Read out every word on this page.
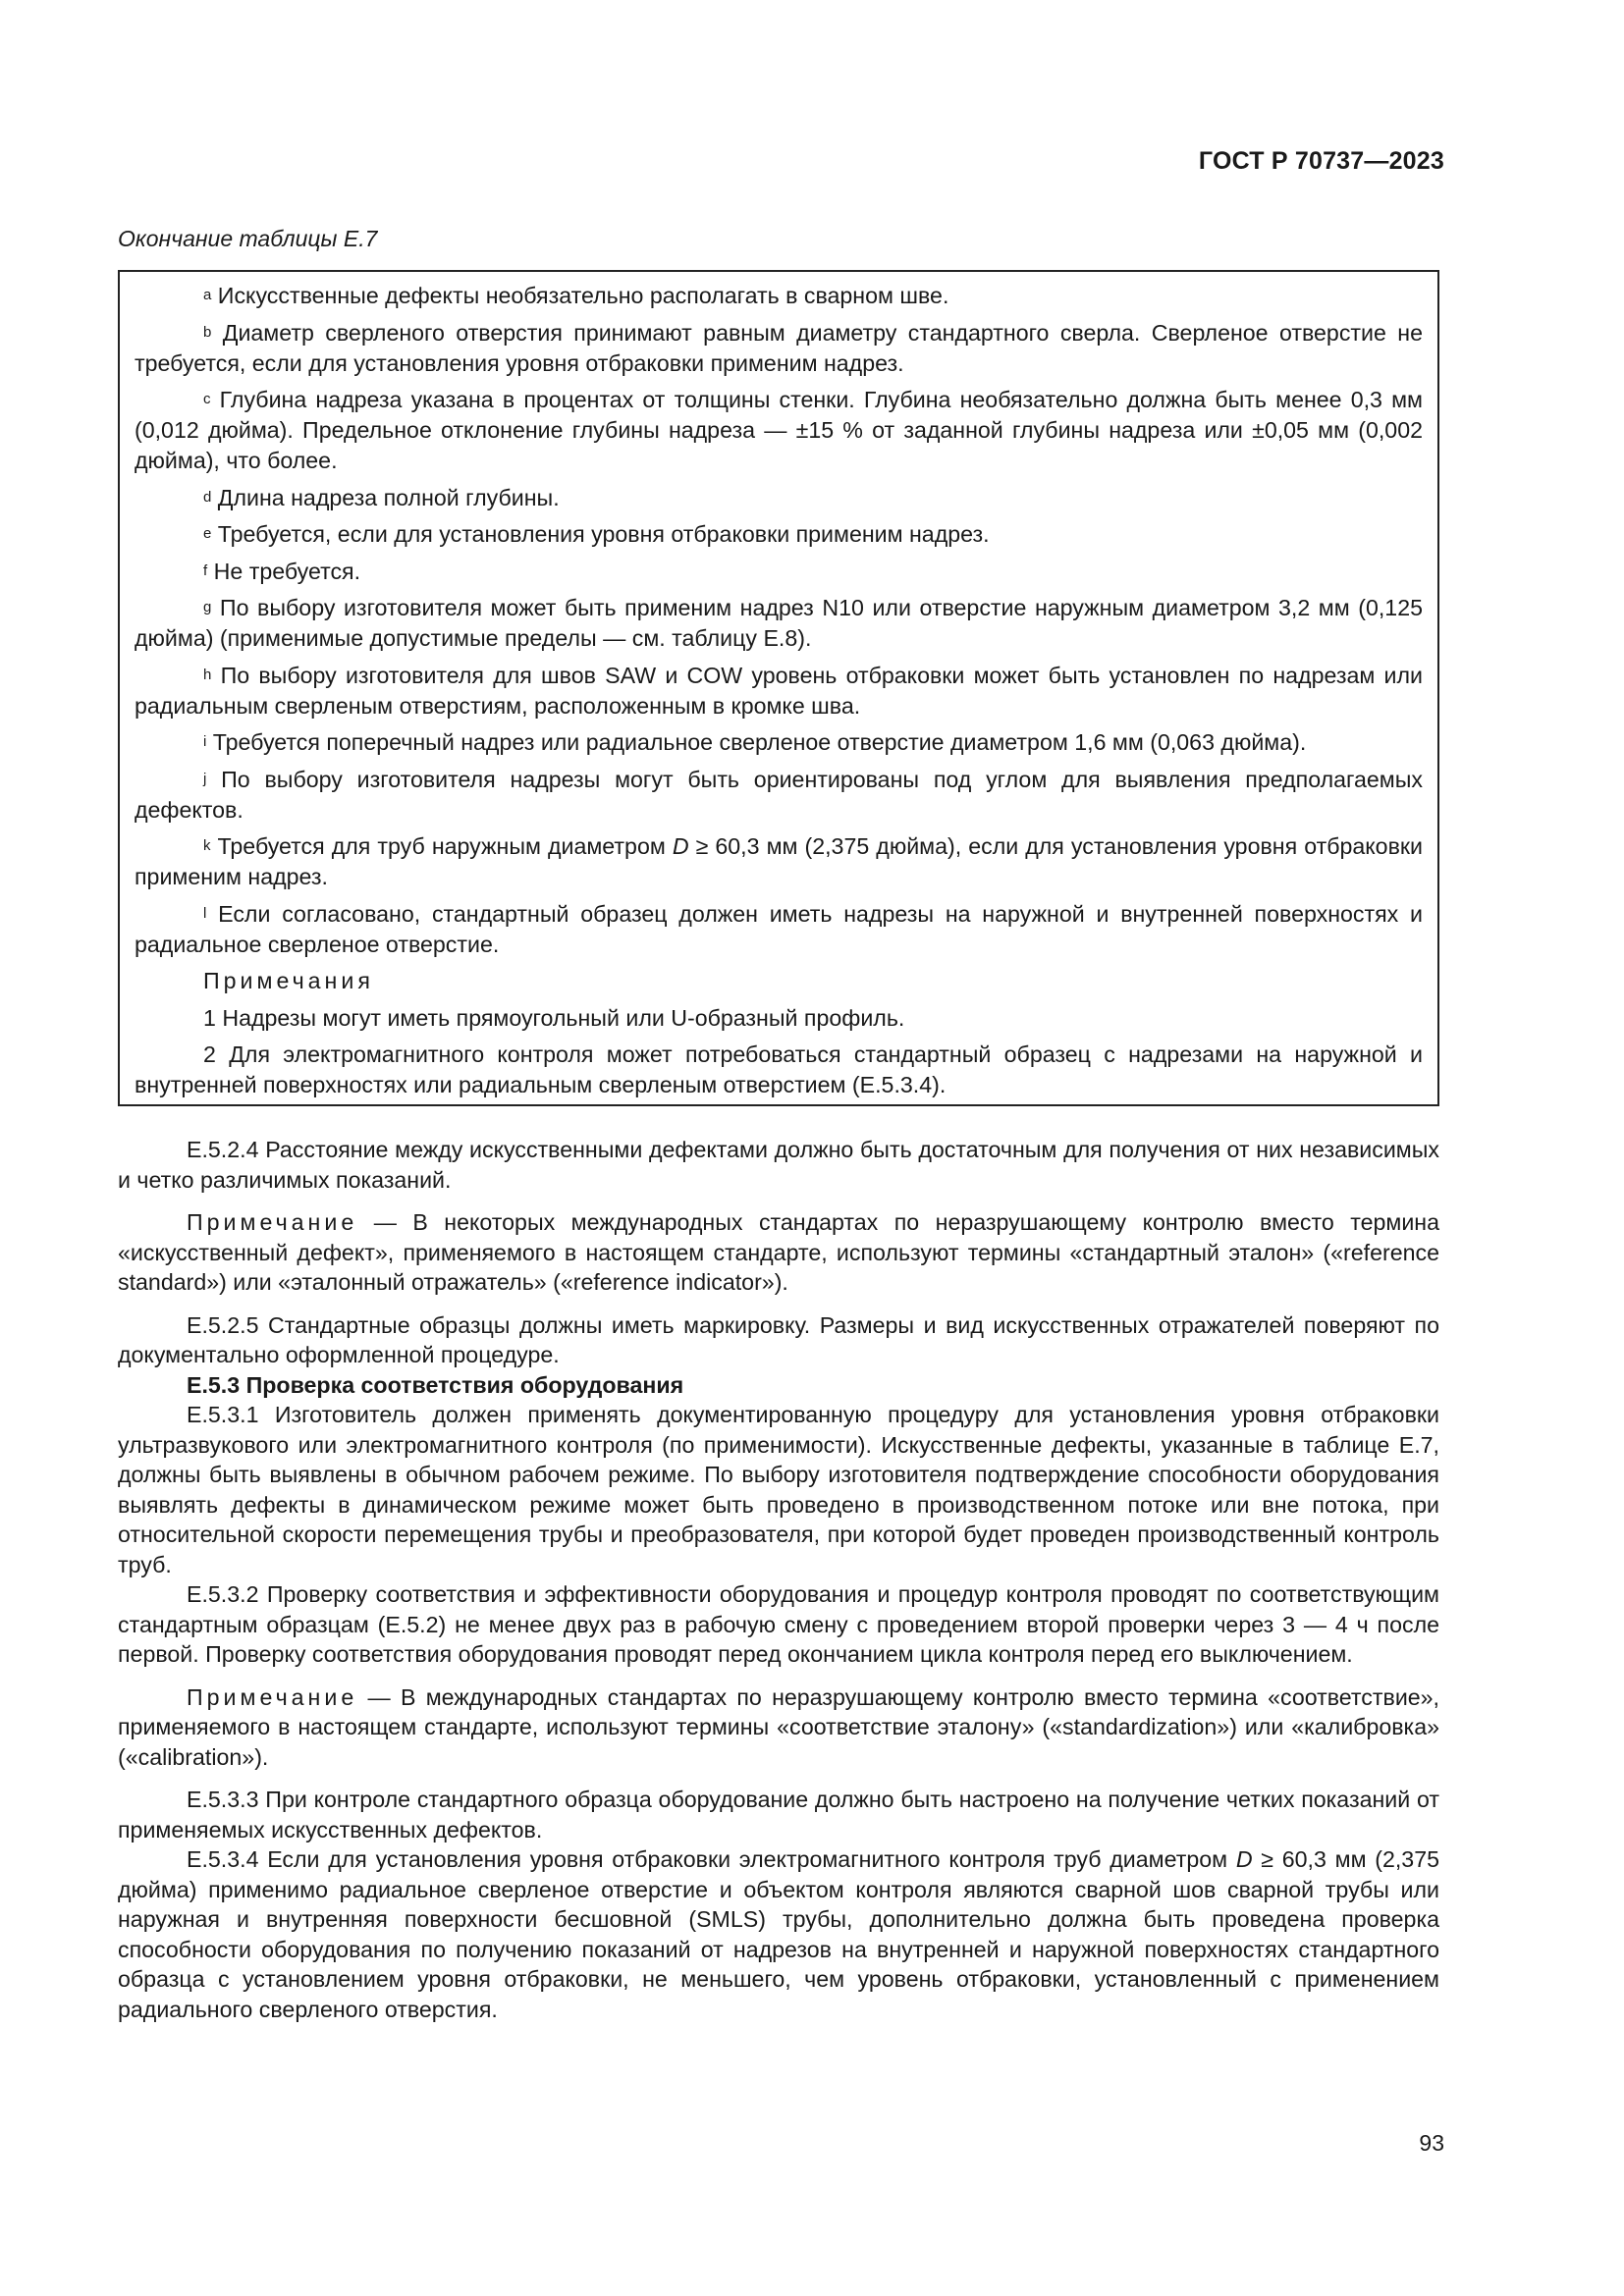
ГОСТ Р 70737—2023
Окончание таблицы Е.7

$^a$ Искусственные дефекты необязательно располагать в сварном шве.

$^b$ Диаметр сверленого отверстия принимают равным диаметру стандартного сверла. Сверленое отверстие не требуется, если для установления уровня отбраковки применим надрез.

$^c$ Глубина надреза указана в процентах от толщины стенки. Глубина необязательно должна быть менее 0,3 мм (0,012 дюйма). Предельное отклонение глубины надреза — ±15 % от заданной глубины надреза или ±0,05 мм (0,002 дюйма), что более.

$^d$ Длина надреза полной глубины.

$^e$ Требуется, если для установления уровня отбраковки применим надрез.

$^f$ Не требуется.

$^g$ По выбору изготовителя может быть применим надрез N10 или отверстие наружным диаметром 3,2 мм (0,125 дюйма) (применимые допустимые пределы — см. таблицу Е.8).

$^h$ По выбору изготовителя для швов SAW и COW уровень отбраковки может быть установлен по надрезам или радиальным сверленым отверстиям, расположенным в кромке шва.

$^i$ Требуется поперечный надрез или радиальное сверленое отверстие диаметром 1,6 мм (0,063 дюйма).

$^j$ По выбору изготовителя надрезы могут быть ориентированы под углом для выявления предполагаемых дефектов.

$^k$ Требуется для труб наружным диаметром D ≥ 60,3 мм (2,375 дюйма), если для установления уровня отбраковки применим надрез.

$^l$ Если согласовано, стандартный образец должен иметь надрезы на наружной и внутренней поверхностях и радиальное сверленое отверстие.

Примечания

1 Надрезы могут иметь прямоугольный или U-образный профиль.

2 Для электромагнитного контроля может потребоваться стандартный образец с надрезами на наружной и внутренней поверхностях или радиальным сверленым отверстием (Е.5.3.4).

Е.5.2.4 Расстояние между искусственными дефектами должно быть достаточным для получения от них независимых и четко различимых показаний.

Примечание — В некоторых международных стандартах по неразрушающему контролю вместо термина «искусственный дефект», применяемого в настоящем стандарте, используют термины «стандартный эталон» («reference standard») или «эталонный отражатель» («reference indicator»).

Е.5.2.5 Стандартные образцы должны иметь маркировку. Размеры и вид искусственных отражателей поверяют по документально оформленной процедуре.

Е.5.3 Проверка соответствия оборудования

Е.5.3.1 Изготовитель должен применять документированную процедуру для установления уровня отбраковки ультразвукового или электромагнитного контроля (по применимости). Искусственные дефекты, указанные в таблице Е.7, должны быть выявлены в обычном рабочем режиме. По выбору изготовителя подтверждение способности оборудования выявлять дефекты в динамическом режиме может быть проведено в производственном потоке или вне потока, при относительной скорости перемещения трубы и преобразователя, при которой будет проведен производственный контроль труб.

Е.5.3.2 Проверку соответствия и эффективности оборудования и процедур контроля проводят по соответствующим стандартным образцам (Е.5.2) не менее двух раз в рабочую смену с проведением второй проверки через 3 — 4 ч после первой. Проверку соответствия оборудования проводят перед окончанием цикла контроля перед его выключением.

Примечание — В международных стандартах по неразрушающему контролю вместо термина «соответствие», применяемого в настоящем стандарте, используют термины «соответствие эталону» («standardization») или «калибровка» («calibration»).

Е.5.3.3 При контроле стандартного образца оборудование должно быть настроено на получение четких показаний от применяемых искусственных дефектов.

Е.5.3.4 Если для установления уровня отбраковки электромагнитного контроля труб диаметром D ≥ 60,3 мм (2,375 дюйма) применимо радиальное сверленое отверстие и объектом контроля являются сварной шов сварной трубы или наружная и внутренняя поверхности бесшовной (SMLS) трубы, дополнительно должна быть проведена проверка способности оборудования по получению показаний от надрезов на внутренней и наружной поверхностях стандартного образца с установлением уровня отбраковки, не меньшего, чем уровень отбраковки, установленный с применением радиального сверленого отверстия.

93
